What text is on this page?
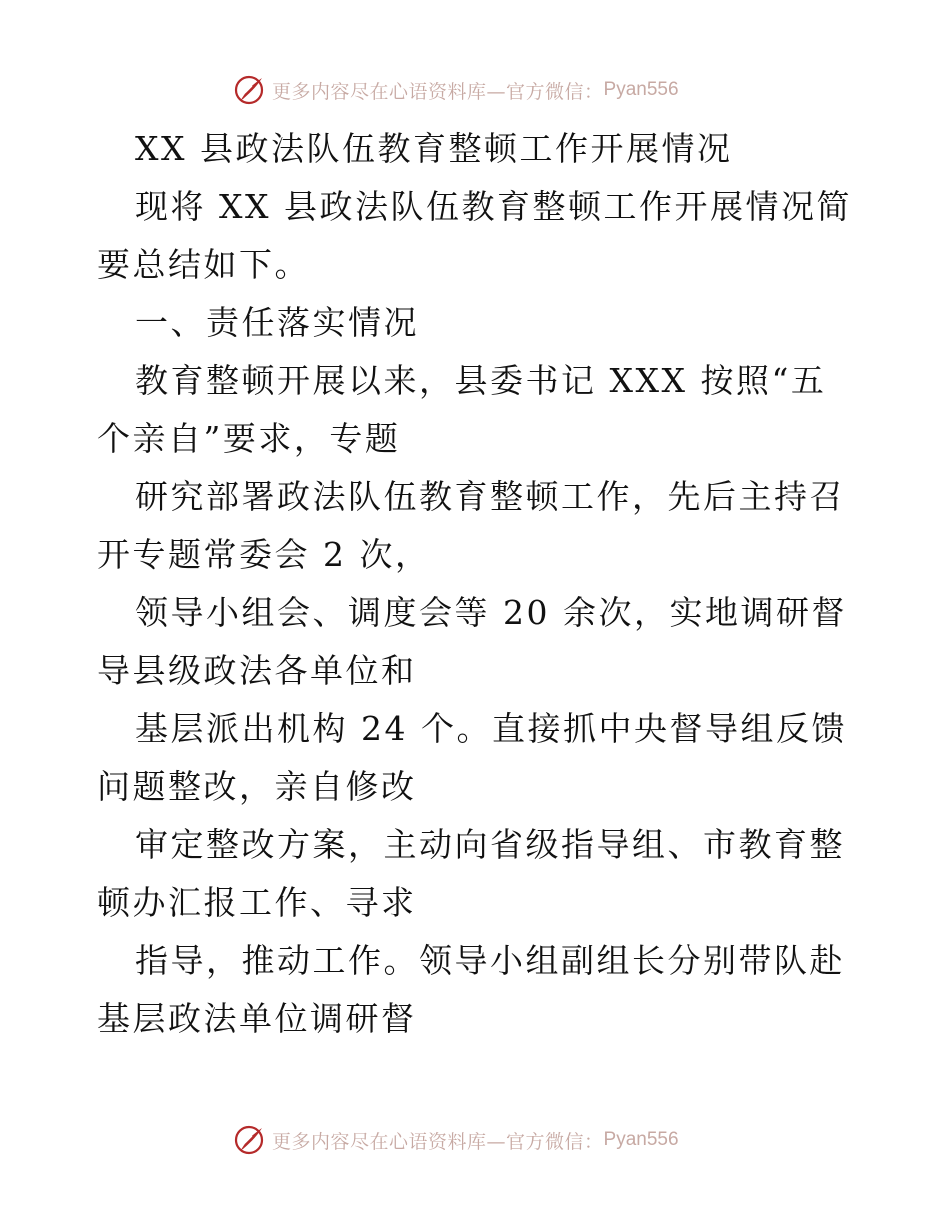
更多内容尽在心语资料库—官方微信： Pyan556

XX 县政法队伍教育整顿工作开展情况

现将 XX 县政法队伍教育整顿工作开展情况简要总结如下。

一、责任落实情况

教育整顿开展以来，县委书记 XXX 按照“五个亲自”要求，专题

研究部署政法队伍教育整顿工作，先后主持召开专题常委会 2 次，

领导小组会、调度会等 20 余次，实地调研督导县级政法各单位和

基层派出机构 24 个。直接抓中央督导组反馈问题整改，亲自修改

审定整改方案，主动向省级指导组、市教育整顿办汇报工作、寻求

指导，推动工作。领导小组副组长分别带队赴基层政法单位调研督

更多内容尽在心语资料库—官方微信： Pyan556
